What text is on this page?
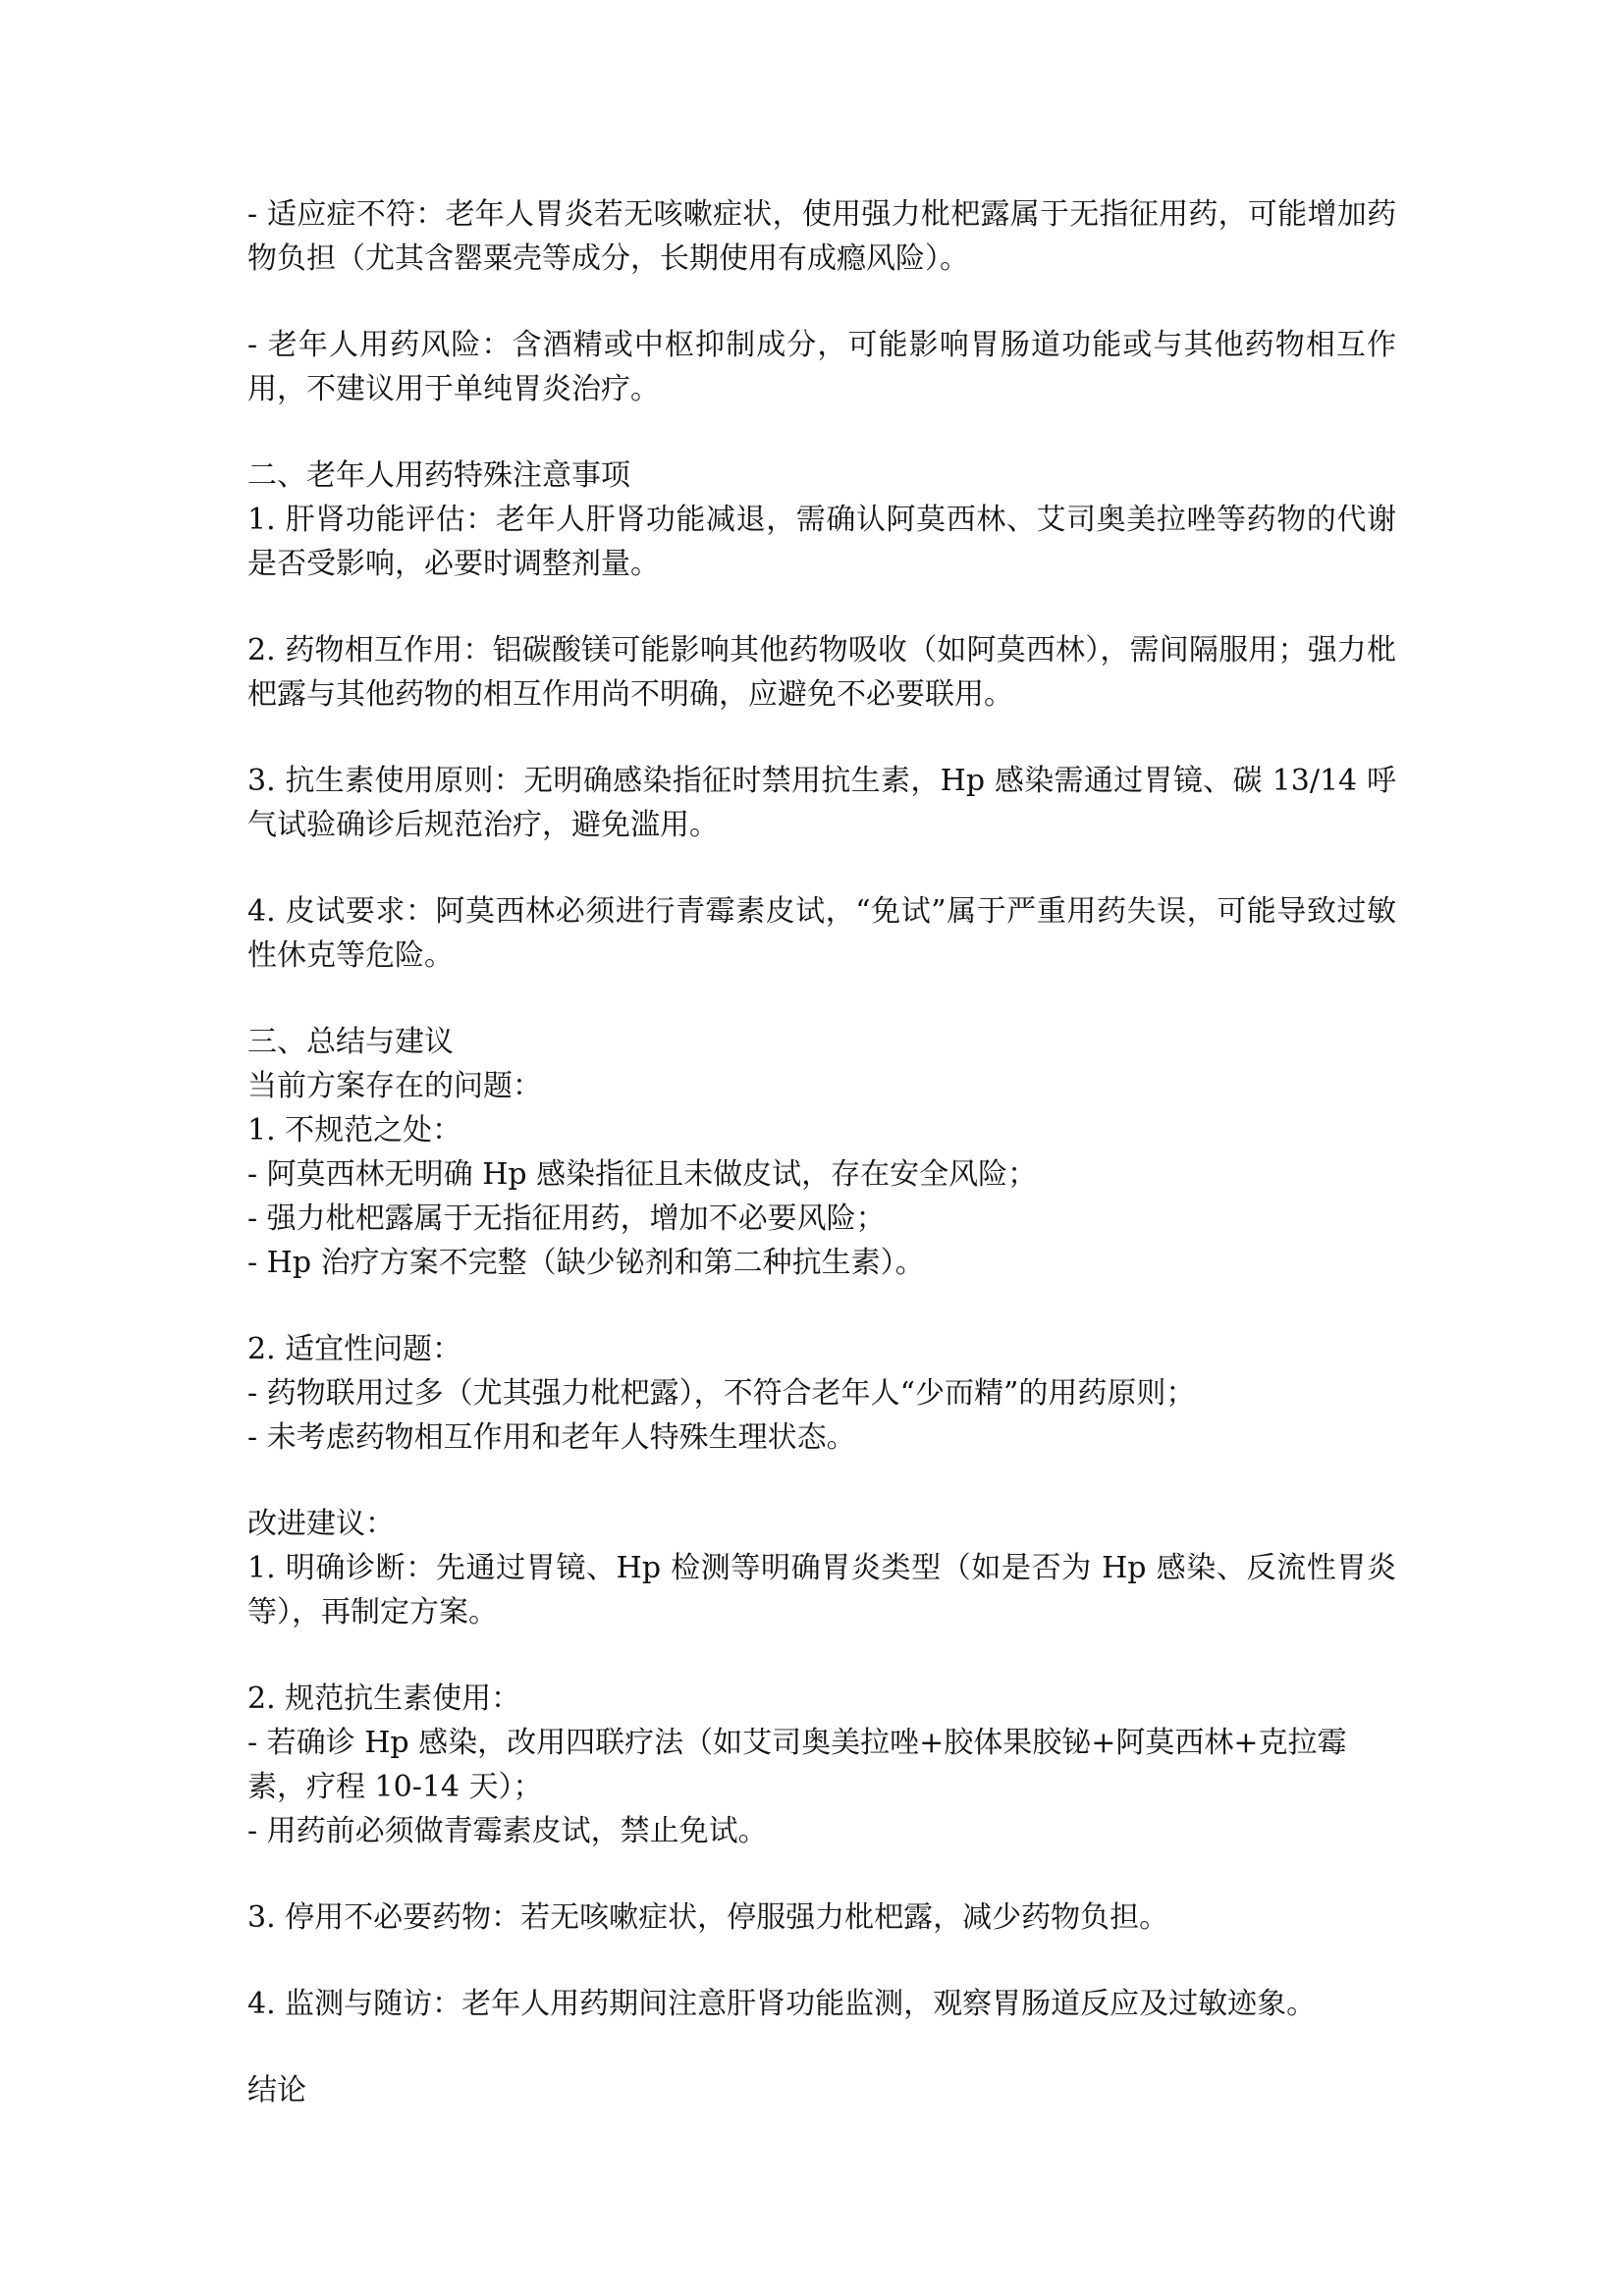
- 适应症不符：老年人胃炎若无咳嗽症状，使用强力枇杷露属于无指征用药，可能增加药物负担（尤其含罂粟壳等成分，长期使用有成瘾风险）。

- 老年人用药风险：含酒精或中枢抑制成分，可能影响胃肠道功能或与其他药物相互作用，不建议用于单纯胃炎治疗。

二、老年人用药特殊注意事项

1. 肝肾功能评估：老年人肝肾功能减退，需确认阿莫西林、艾司奥美拉唑等药物的代谢是否受影响，必要时调整剂量。

2. 药物相互作用：铝碳酸镁可能影响其他药物吸收（如阿莫西林），需间隔服用；强力枇杷露与其他药物的相互作用尚不明确，应避免不必要联用。

3. 抗生素使用原则：无明确感染指征时禁用抗生素，Hp 感染需通过胃镜、碳 13/14 呼气试验确诊后规范治疗，避免滥用。

4. 皮试要求：阿莫西林必须进行青霉素皮试，“免试”属于严重用药失误，可能导致过敏性休克等危险。

三、总结与建议

当前方案存在的问题：

1. 不规范之处：

- 阿莫西林无明确 Hp 感染指征且未做皮试，存在安全风险；

- 强力枇杷露属于无指征用药，增加不必要风险；

- Hp 治疗方案不完整（缺少铋剂和第二种抗生素）。

2. 适宜性问题：

- 药物联用过多（尤其强力枇杷露），不符合老年人“少而精”的用药原则；

- 未考虑药物相互作用和老年人特殊生理状态。

改进建议：

1. 明确诊断：先通过胃镜、Hp 检测等明确胃炎类型（如是否为 Hp 感染、反流性胃炎等），再制定方案。

2. 规范抗生素使用：

- 若确诊 Hp 感染，改用四联疗法（如艾司奥美拉唑+胶体果胶铋+阿莫西林+克拉霉素，疗程 10-14 天）；

- 用药前必须做青霉素皮试，禁止免试。

3. 停用不必要药物：若无咳嗽症状，停服强力枇杷露，减少药物负担。

4. 监测与随访：老年人用药期间注意肝肾功能监测，观察胃肠道反应及过敏迹象。

结论
